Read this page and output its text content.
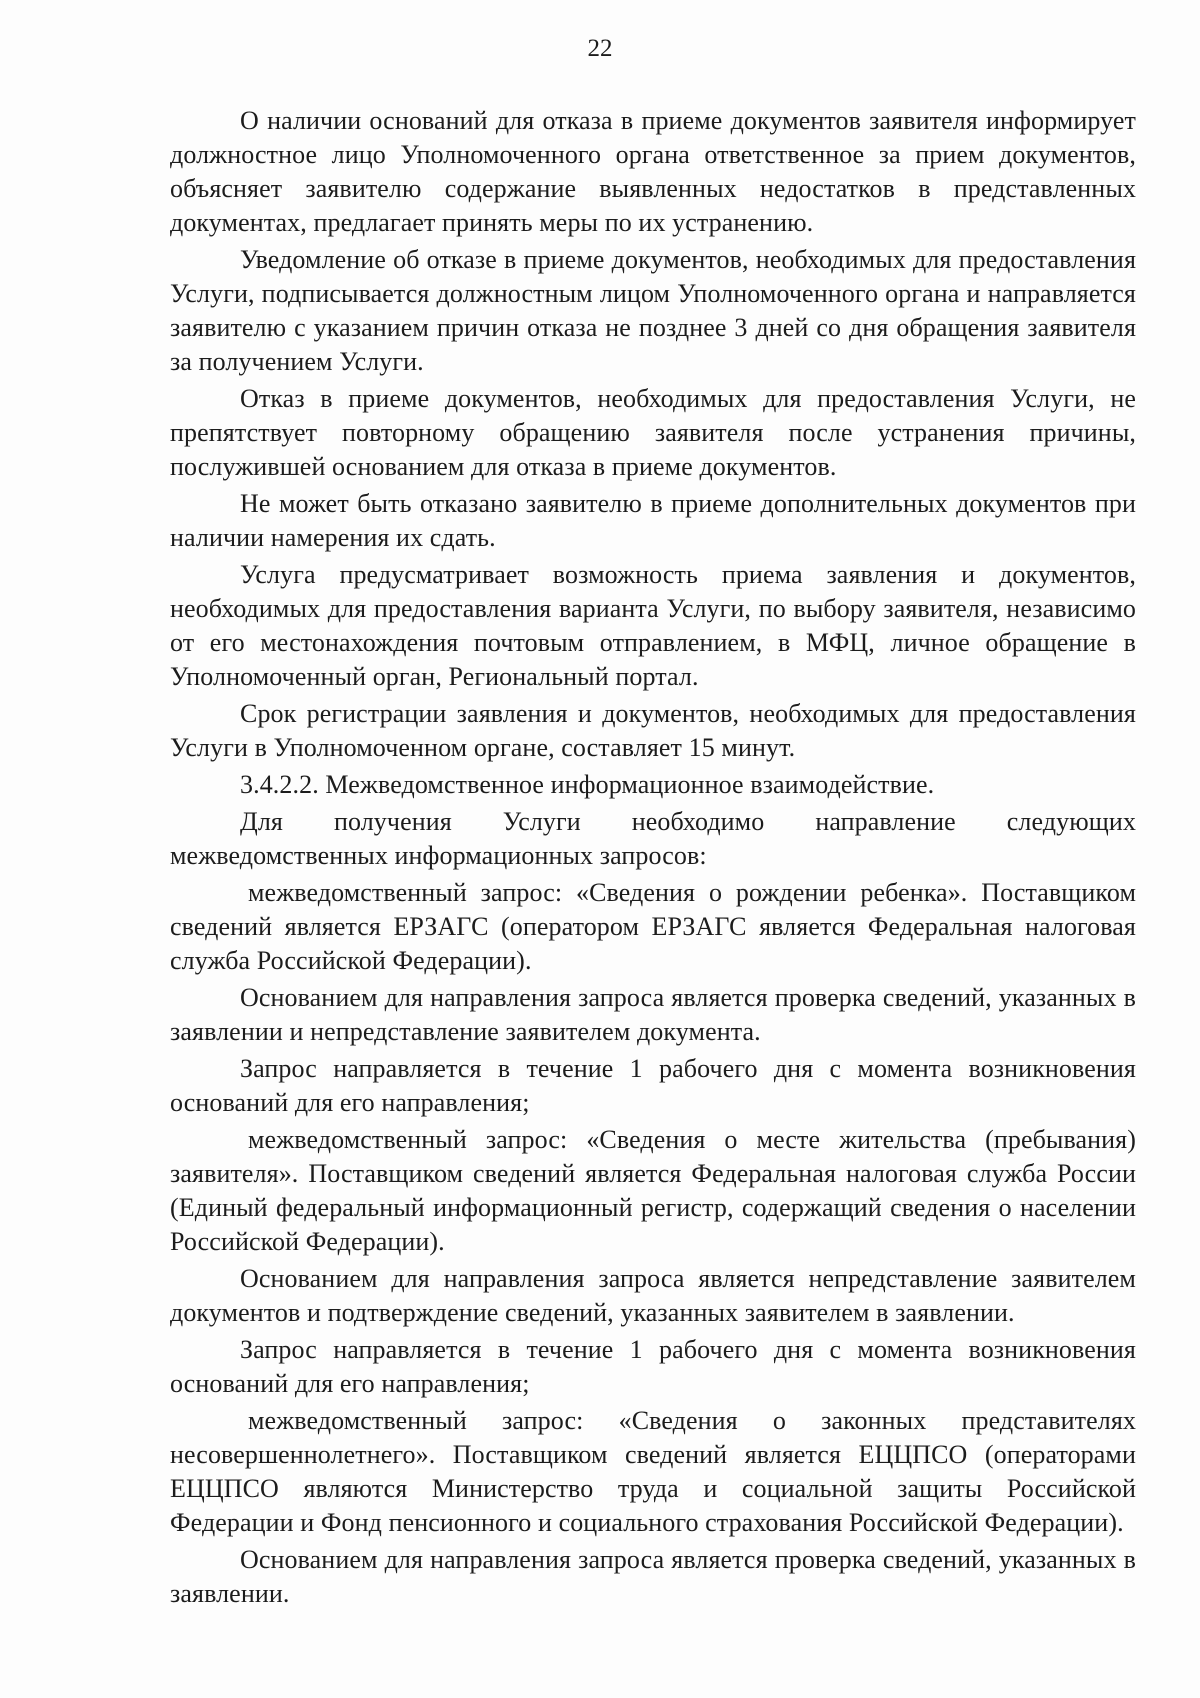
22

О наличии оснований для отказа в приеме документов заявителя информирует должностное лицо Уполномоченного органа ответственное за прием документов, объясняет заявителю содержание выявленных недостатков в представленных документах, предлагает принять меры по их устранению.

Уведомление об отказе в приеме документов, необходимых для предоставления Услуги, подписывается должностным лицом Уполномоченного органа и направляется заявителю с указанием причин отказа не позднее 3 дней со дня обращения заявителя за получением Услуги.

Отказ в приеме документов, необходимых для предоставления Услуги, не препятствует повторному обращению заявителя после устранения причины, послужившей основанием для отказа в приеме документов.

Не может быть отказано заявителю в приеме дополнительных документов при наличии намерения их сдать.

Услуга предусматривает возможность приема заявления и документов, необходимых для предоставления варианта Услуги, по выбору заявителя, независимо от его местонахождения почтовым отправлением, в МФЦ, личное обращение в Уполномоченный орган, Региональный портал.

Срок регистрации заявления и документов, необходимых для предоставления Услуги в Уполномоченном органе, составляет 15 минут.

3.4.2.2. Межведомственное информационное взаимодействие.

Для получения Услуги необходимо направление следующих межведомственных информационных запросов:

межведомственный запрос: «Сведения о рождении ребенка». Поставщиком сведений является ЕРЗАГС (оператором ЕРЗАГС является Федеральная налоговая служба Российской Федерации).

Основанием для направления запроса является проверка сведений, указанных в заявлении и непредставление заявителем документа.

Запрос направляется в течение 1 рабочего дня с момента возникновения оснований для его направления;

межведомственный запрос: «Сведения о месте жительства (пребывания) заявителя». Поставщиком сведений является Федеральная налоговая служба России (Единый федеральный информационный регистр, содержащий сведения о населении Российской Федерации).

Основанием для направления запроса является непредставление заявителем документов и подтверждение сведений, указанных заявителем в заявлении.

Запрос направляется в течение 1 рабочего дня с момента возникновения оснований для его направления;

межведомственный запрос: «Сведения о законных представителях несовершеннолетнего». Поставщиком сведений является ЕЦЦПСО (операторами ЕЦЦПСО являются Министерство труда и социальной защиты Российской Федерации и Фонд пенсионного и социального страхования Российской Федерации).

Основанием для направления запроса является проверка сведений, указанных в заявлении.
